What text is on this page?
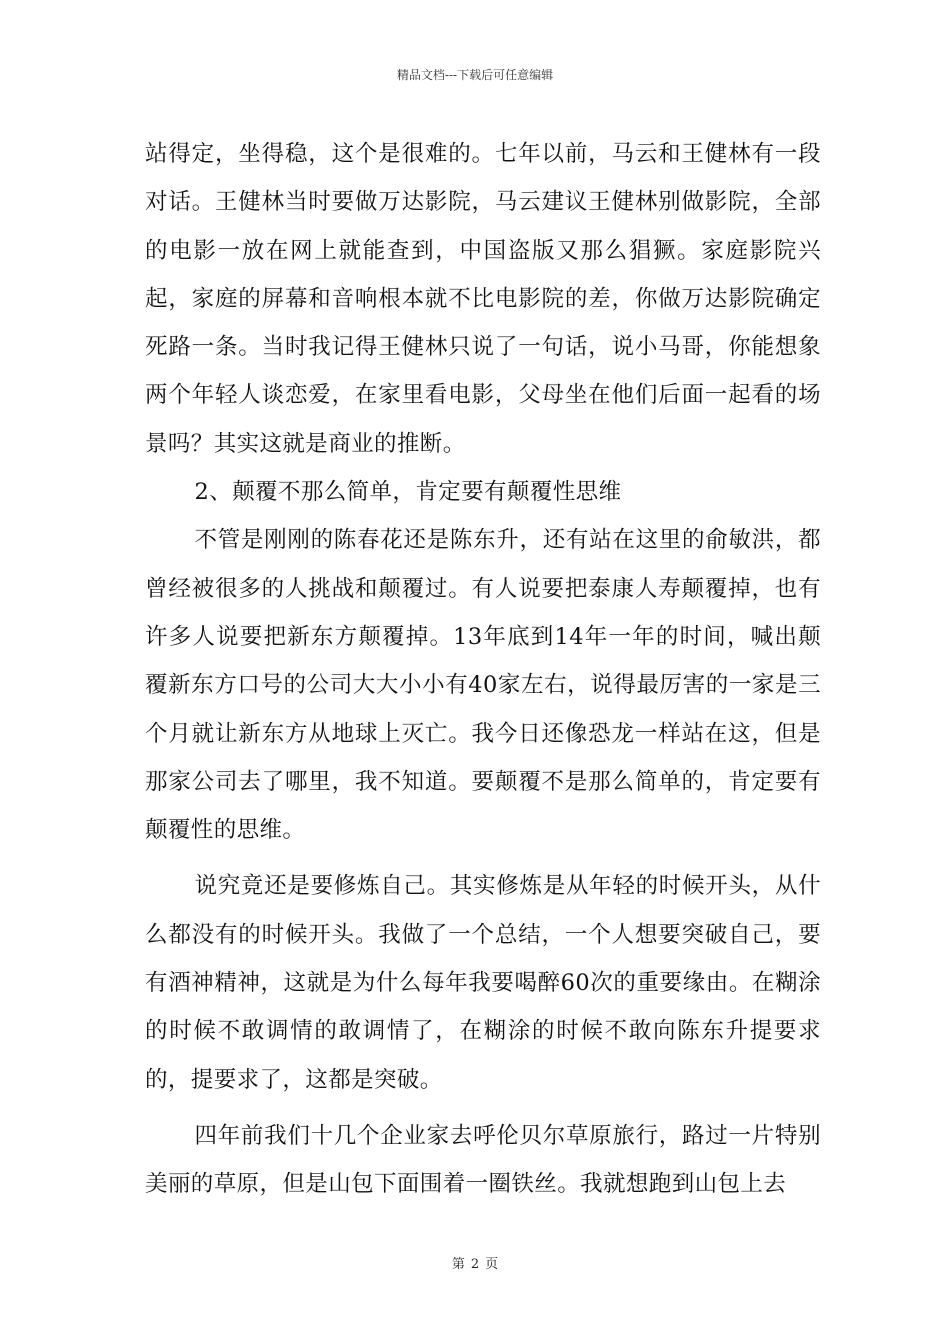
精品文档---下载后可任意编辑

站得定，坐得稳，这个是很难的。七年以前，马云和王健林有一段对话。王健林当时要做万达影院，马云建议王健林别做影院，全部的电影一放在网上就能查到，中国盗版又那么猖獗。家庭影院兴起，家庭的屏幕和音响根本就不比电影院的差，你做万达影院确定死路一条。当时我记得王健林只说了一句话，说小马哥，你能想象两个年轻人谈恋爱，在家里看电影，父母坐在他们后面一起看的场景吗？其实这就是商业的推断。

2、颠覆不那么简单，肯定要有颠覆性思维

不管是刚刚的陈春花还是陈东升，还有站在这里的俞敏洪，都曾经被很多的人挑战和颠覆过。有人说要把泰康人寿颠覆掉，也有许多人说要把新东方颠覆掉。13年底到14年一年的时间，喊出颠覆新东方口号的公司大大小小有40家左右，说得最厉害的一家是三个月就让新东方从地球上灭亡。我今日还像恐龙一样站在这，但是那家公司去了哪里，我不知道。要颠覆不是那么简单的，肯定要有颠覆性的思维。

说究竟还是要修炼自己。其实修炼是从年轻的时候开头，从什么都没有的时候开头。我做了一个总结，一个人想要突破自己，要有酒神精神，这就是为什么每年我要喝醉60次的重要缘由。在糊涂的时候不敢调情的敢调情了，在糊涂的时候不敢向陈东升提要求的，提要求了，这都是突破。

四年前我们十几个企业家去呼伦贝尔草原旅行，路过一片特别美丽的草原，但是山包下面围着一圈铁丝。我就想跑到山包上去

第 2 页
